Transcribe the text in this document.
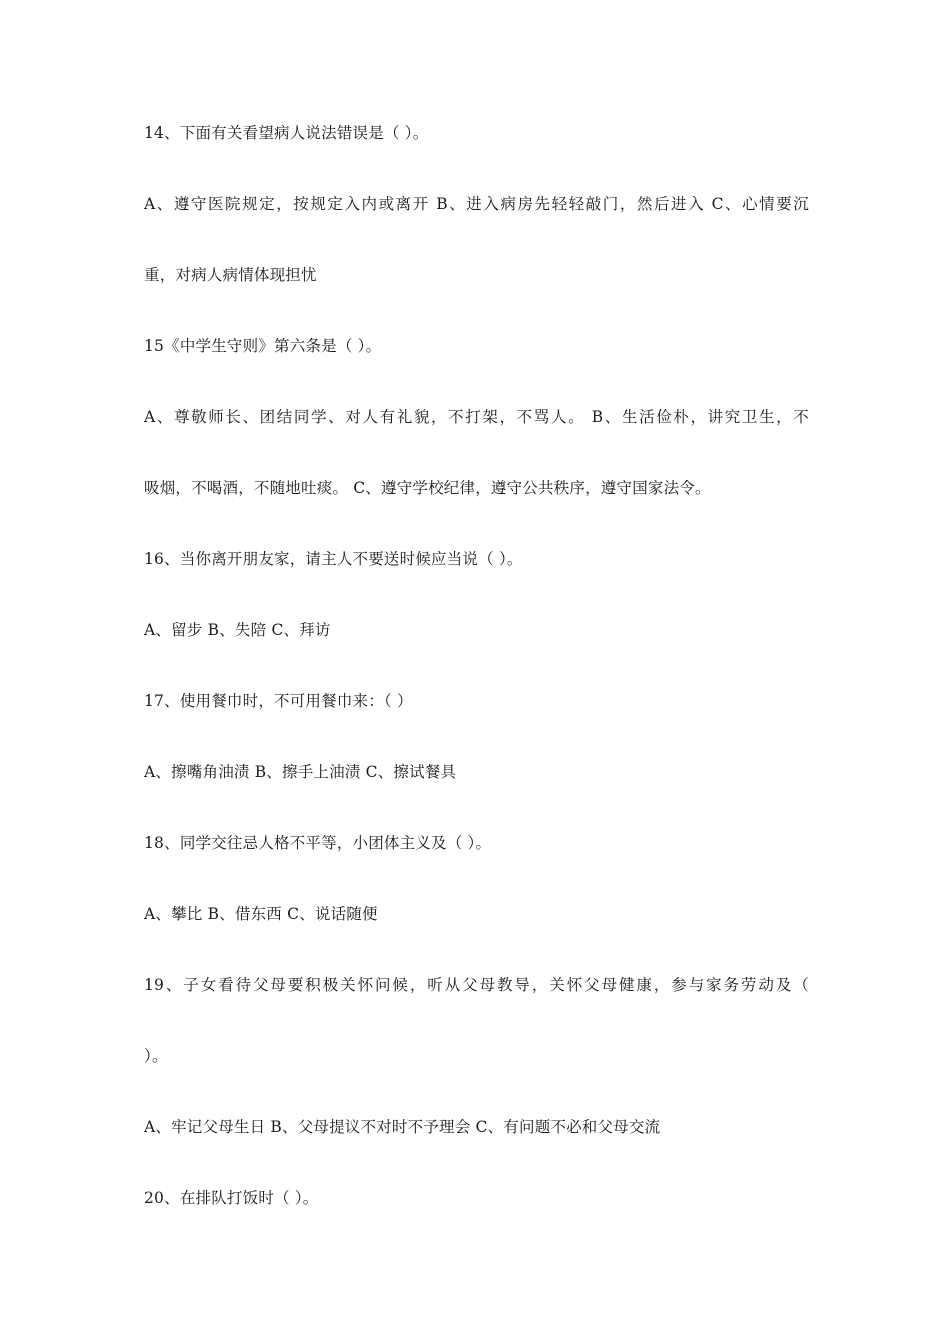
14、下面有关看望病人说法错误是（ ）。
A、遵守医院规定，按规定入内或离开 B、进入病房先轻轻敲门，然后进入 C、心情要沉
重，对病人病情体现担忧
15《中学生守则》第六条是（ ）。
A、尊敬师长、团结同学、对人有礼貌，不打架，不骂人。 B、生活俭朴，讲究卫生，不
吸烟，不喝酒，不随地吐痰。 C、遵守学校纪律，遵守公共秩序，遵守国家法令。
16、当你离开朋友家，请主人不要送时候应当说（ ）。
A、留步 B、失陪 C、拜访
17、使用餐巾时，不可用餐巾来：（ ）
A、擦嘴角油渍 B、擦手上油渍 C、擦试餐具
18、同学交往忌人格不平等，小团体主义及（ ）。
A、攀比 B、借东西 C、说话随便
19、子女看待父母要积极关怀问候，听从父母教导，关怀父母健康，参与家务劳动及（
）。
A、牢记父母生日 B、父母提议不对时不予理会 C、有问题不必和父母交流
20、在排队打饭时（ ）。
